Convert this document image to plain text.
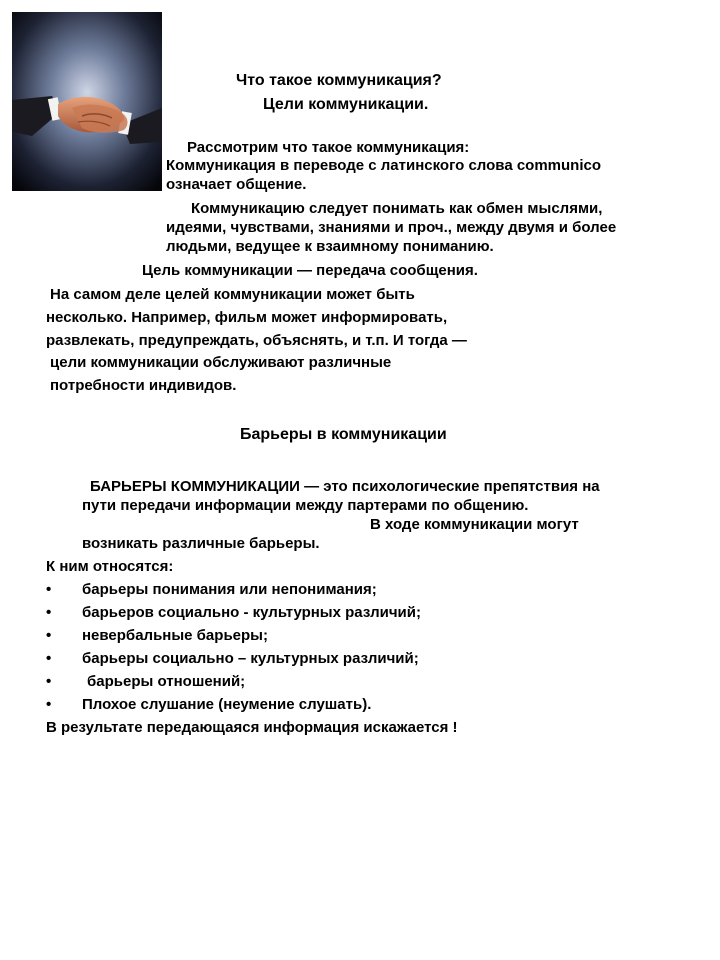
Что такое коммуникация?
Цели коммуникации.
Рассмотрим что такое коммуникация:
Коммуникация в переводе с латинского слова communico
означает общение.
Коммуникацию следует понимать как обмен мыслями,
идеями, чувствами, знаниями и проч., между двумя и более
людьми, ведущее к взаимному пониманию.
Цель коммуникации — передача сообщения.
На самом деле целей коммуникации может быть
несколько. Например, фильм может информировать,
развлекать, предупреждать, объяснять, и т.п. И тогда —
цели коммуникации обслуживают различные
потребности индивидов.
Барьеры в коммуникации
БАРЬЕРЫ КОММУНИКАЦИИ — это психологические препятствия на
пути передачи информации между партерами по общению.
В ходе коммуникации могут
возникать различные барьеры.
К ним относятся:
• барьеры понимания или непонимания;
• барьеров социально - культурных различий;
• невербальные барьеры;
• барьеры социально – культурных различий;
• барьеры отношений;
• Плохое слушание (неумение слушать).
В результате передающаяся информация искажается !
